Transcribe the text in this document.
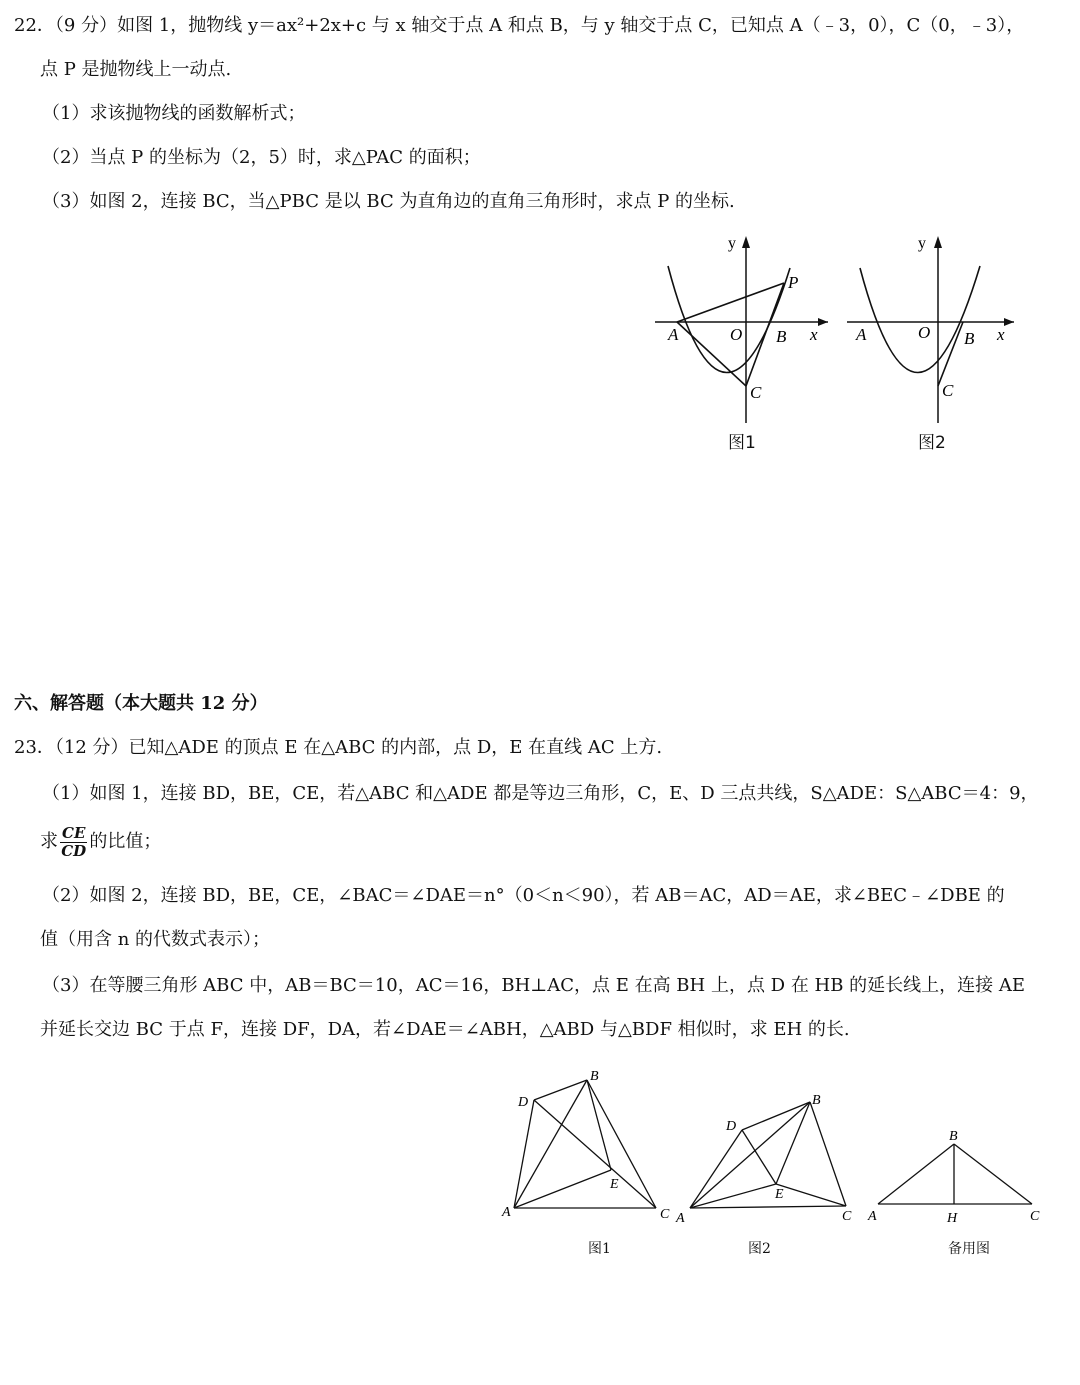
22．（9 分）如图 1，抛物线 y＝ax²+2x+c 与 x 轴交于点 A 和点 B，与 y 轴交于点 C，已知点 A（﹣3，0），C（0，﹣3），
点 P 是抛物线上一动点.
（1）求该抛物线的函数解析式；
（2）当点 P 的坐标为（2，5）时，求△PAC 的面积；
（3）如图 2，连接 BC，当△PBC 是以 BC 为直角边的直角三角形时，求点 P 的坐标.
y
x
A	O B
C
P
图1
y
x
A	O B
C
图2
六、解答题（本大题共 12 分）
23．（12 分）已知△ADE 的顶点 E 在△ABC 的内部，点 D，E 在直线 AC 上方.
（1）如图 1，连接 BD，BE，CE，若△ABC 和△ADE 都是等边三角形，C，E、D 三点共线，S△ADE：S△ABC＝4：9，
求 $\frac{CE}{CD}$ 的比值；
（2）如图 2，连接 BD，BE，CE，∠BAC＝∠DAE＝n°（0＜n＜90），若 AB＝AC，AD＝AE，求∠BEC﹣∠DBE 的
值（用含 n 的代数式表示）；
（3）在等腰三角形 ABC 中，AB＝BC＝10，AC＝16，BH⊥AC，点 E 在高 BH 上，点 D 在 HB 的延长线上，连接 AE
并延长交边 BC 于点 F，连接 DF，DA，若∠DAE＝∠ABH，△ABD 与△BDF 相似时，求 EH 的长.
A
B
C
D
E
图1
A
B
C
D
E
图2
A
B
C
H
备用图
